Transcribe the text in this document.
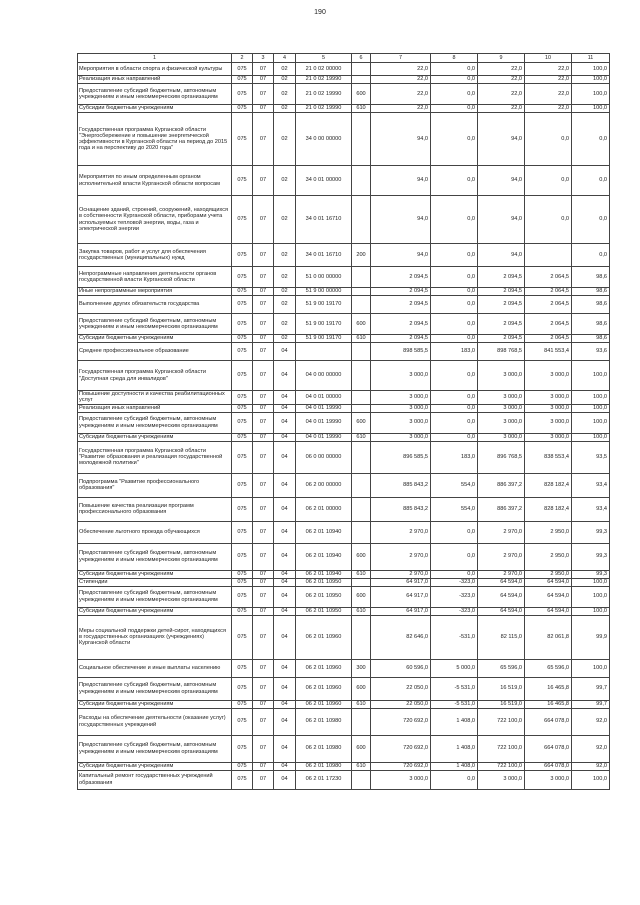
190
1	2	3	4	5	6	7	8	9	10	11
Мероприятия в области спорта и физической культуры	075	07	02	21 0 02 00000		22,0	0,0	22,0	22,0	100,0
Реализация иных направлений	075	07	02	21 0 02 19990		22,0	0,0	22,0	22,0	100,0
Предоставление субсидий бюджетным, автономным учреждениям и иным некоммерческим организациям	075	07	02	21 0 02 19990	600	22,0	0,0	22,0	22,0	100,0
Субсидии бюджетным учреждениям	075	07	02	21 0 02 19990	610	22,0	0,0	22,0	22,0	100,0
Государственная программа Курганской области "Энергосбережение и повышение энергетической эффективности в Курганской области на период до 2015 года и на перспективу до 2020 года"	075	07	02	34 0 00 00000		94,0	0,0	94,0	0,0	0,0
Мероприятия по иным определенным органом исполнительной власти Курганской области вопросам	075	07	02	34 0 01 00000		94,0	0,0	94,0	0,0	0,0
Оснащение зданий, строений, сооружений, находящихся в собственности Курганской области, приборами учета используемых тепловой энергии, воды, газа и электрической энергии	075	07	02	34 0 01 16710		94,0	0,0	94,0	0,0	0,0
Закупка товаров, работ и услуг для обеспечения государственных (муниципальных) нужд	075	07	02	34 0 01 16710	200	94,0	0,0	94,0		0,0
Непрограммные направления деятельности органов государственной власти Курганской области	075	07	02	51 0 00 00000		2 094,5	0,0	2 094,5	2 064,5	98,6
Иные непрограммные мероприятия	075	07	02	51 9 00 00000		2 094,5	0,0	2 094,5	2 064,5	98,6
Выполнение других обязательств государства	075	07	02	51 9 00 19170		2 094,5	0,0	2 094,5	2 064,5	98,6
Предоставление субсидий бюджетным, автономным учреждениям и иным некоммерческим организациям	075	07	02	51 9 00 19170	600	2 094,5	0,0	2 094,5	2 064,5	98,6
Субсидии бюджетным учреждениям	075	07	02	51 9 00 19170	610	2 094,5	0,0	2 094,5	2 064,5	98,6
Среднее профессиональное образование	075	07	04			898 585,5	183,0	898 768,5	841 553,4	93,6
Государственная программа Курганской области "Доступная среда для инвалидов"	075	07	04	04 0 00 00000		3 000,0	0,0	3 000,0	3 000,0	100,0
Повышение доступности и качества реабилитационных услуг	075	07	04	04 0 01 00000		3 000,0	0,0	3 000,0	3 000,0	100,0
Реализация иных направлений	075	07	04	04 0 01 19990		3 000,0	0,0	3 000,0	3 000,0	100,0
Предоставление субсидий бюджетным, автономным учреждениям и иным некоммерческим организациям	075	07	04	04 0 01 19990	600	3 000,0	0,0	3 000,0	3 000,0	100,0
Субсидии бюджетным учреждениям	075	07	04	04 0 01 19990	610	3 000,0	0,0	3 000,0	3 000,0	100,0
Государственная программа Курганской области "Развитие образования и реализация государственной молодежной политики"	075	07	04	06 0 00 00000		896 585,5	183,0	896 768,5	838 553,4	93,5
Подпрограмма "Развитие профессионального образования"	075	07	04	06 2 00 00000		885 843,2	554,0	886 397,2	828 182,4	93,4
Повышение качества реализации программ профессионального образования	075	07	04	06 2 01 00000		885 843,2	554,0	886 397,2	828 182,4	93,4
Обеспечение льготного проезда обучающихся	075	07	04	06 2 01 10940		2 970,0	0,0	2 970,0	2 950,0	99,3
Предоставление субсидий бюджетным, автономным учреждениям и иным некоммерческим организациям	075	07	04	06 2 01 10940	600	2 970,0	0,0	2 970,0	2 950,0	99,3
Субсидии бюджетным учреждениям	075	07	04	06 2 01 10940	610	2 970,0	0,0	2 970,0	2 950,0	99,3
Стипендии	075	07	04	06 2 01 10950		64 917,0	-323,0	64 594,0	64 594,0	100,0
Предоставление субсидий бюджетным, автономным учреждениям и иным некоммерческим организациям	075	07	04	06 2 01 10950	600	64 917,0	-323,0	64 594,0	64 594,0	100,0
Субсидии бюджетным учреждениям	075	07	04	06 2 01 10950	610	64 917,0	-323,0	64 594,0	64 594,0	100,0
Меры социальной поддержки детей-сирот, находящихся в государственных организациях (учреждениях) Курганской области	075	07	04	06 2 01 10960		82 646,0	-531,0	82 115,0	82 061,8	99,9
Социальное обеспечение и иные выплаты населению	075	07	04	06 2 01 10960	300	60 596,0	5 000,0	65 596,0	65 596,0	100,0
Предоставление субсидий бюджетным, автономным учреждениям и иным некоммерческим организациям	075	07	04	06 2 01 10960	600	22 050,0	-5 531,0	16 519,0	16 465,8	99,7
Субсидии бюджетным учреждениям	075	07	04	06 2 01 10960	610	22 050,0	-5 531,0	16 519,0	16 465,8	99,7
Расходы на обеспечение деятельности (оказание услуг) государственных учреждений	075	07	04	06 2 01 10980		720 692,0	1 408,0	722 100,0	664 078,0	92,0
Предоставление субсидий бюджетным, автономным учреждениям и иным некоммерческим организациям	075	07	04	06 2 01 10980	600	720 692,0	1 408,0	722 100,0	664 078,0	92,0
Субсидии бюджетным учреждениям	075	07	04	06 2 01 10980	610	720 692,0	1 408,0	722 100,0	664 078,0	92,0
Капитальный ремонт государственных учреждений образования	075	07	04	06 2 01 17230		3 000,0	0,0	3 000,0	3 000,0	100,0
